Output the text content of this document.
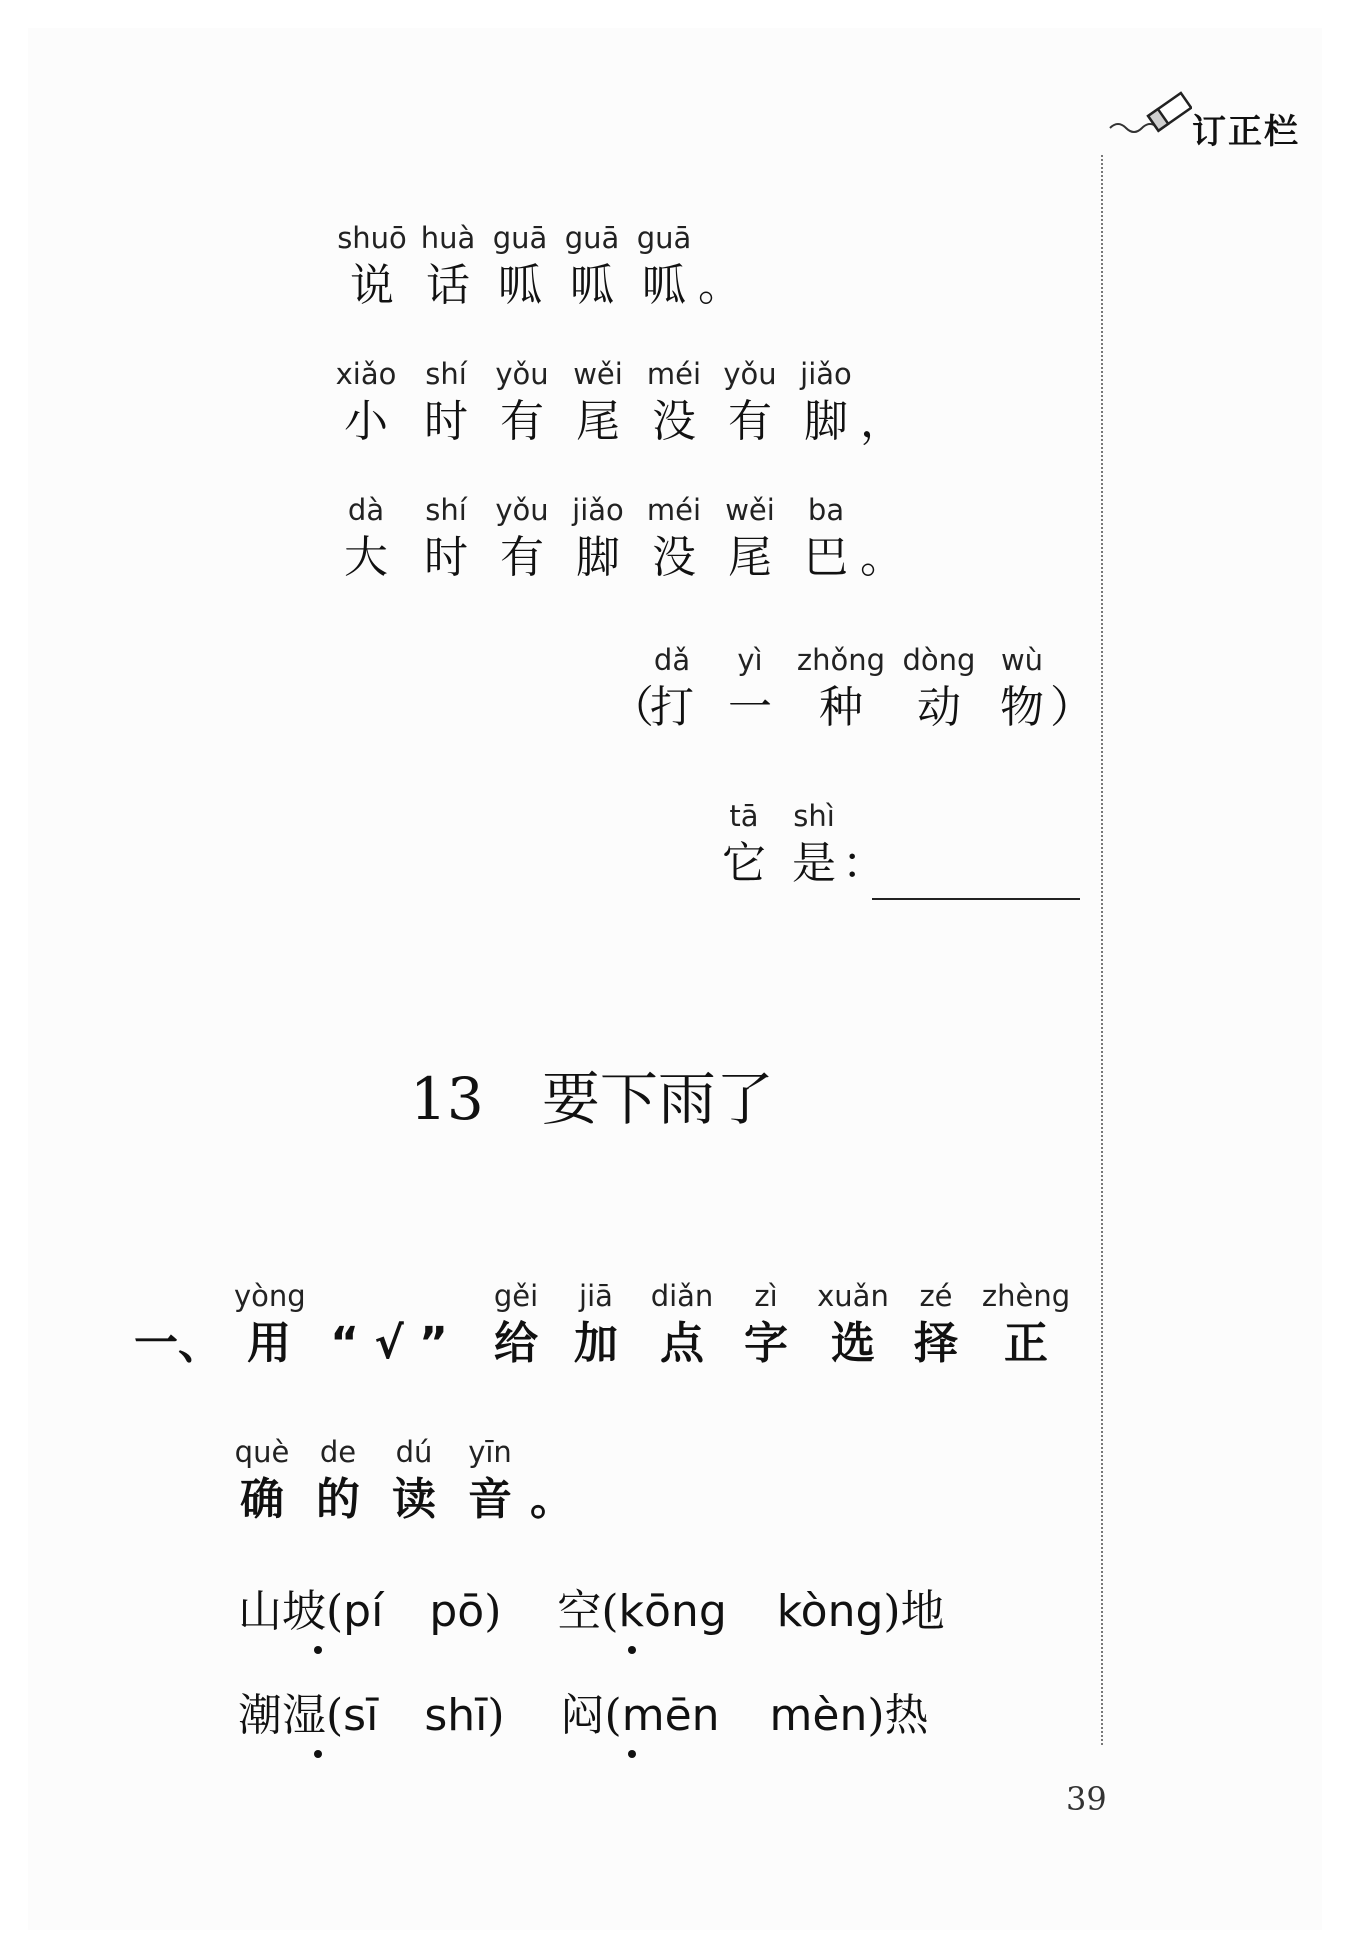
订正栏
shuō
说
huà
话
guā
呱
guā
呱
guā
呱 。
xiǎo
小
shí
时
yǒu
有
wěi
尾
méi
没
yǒu
有
jiǎo
脚 ，
dà
大
shí
时
yǒu
有
jiǎo
脚
méi
没
wěi
尾
ba
巴 。
（
dǎ
打
yì
一
zhǒng
种
dòng
动
wù
物 ）
tā
它
shì
是 ：
13 要下雨了
一、
yòng
用 “ √ ”
gěi
给
jiā
加
diǎn
点
zì
字
xuǎn
选
zé
择
zhèng
正
què
确
de
的
dú
读
yīn
音 。
山坡(pí pō) 空(kōng kòng)地
潮湿(sī shī) 闷(mēn mèn)热
39
